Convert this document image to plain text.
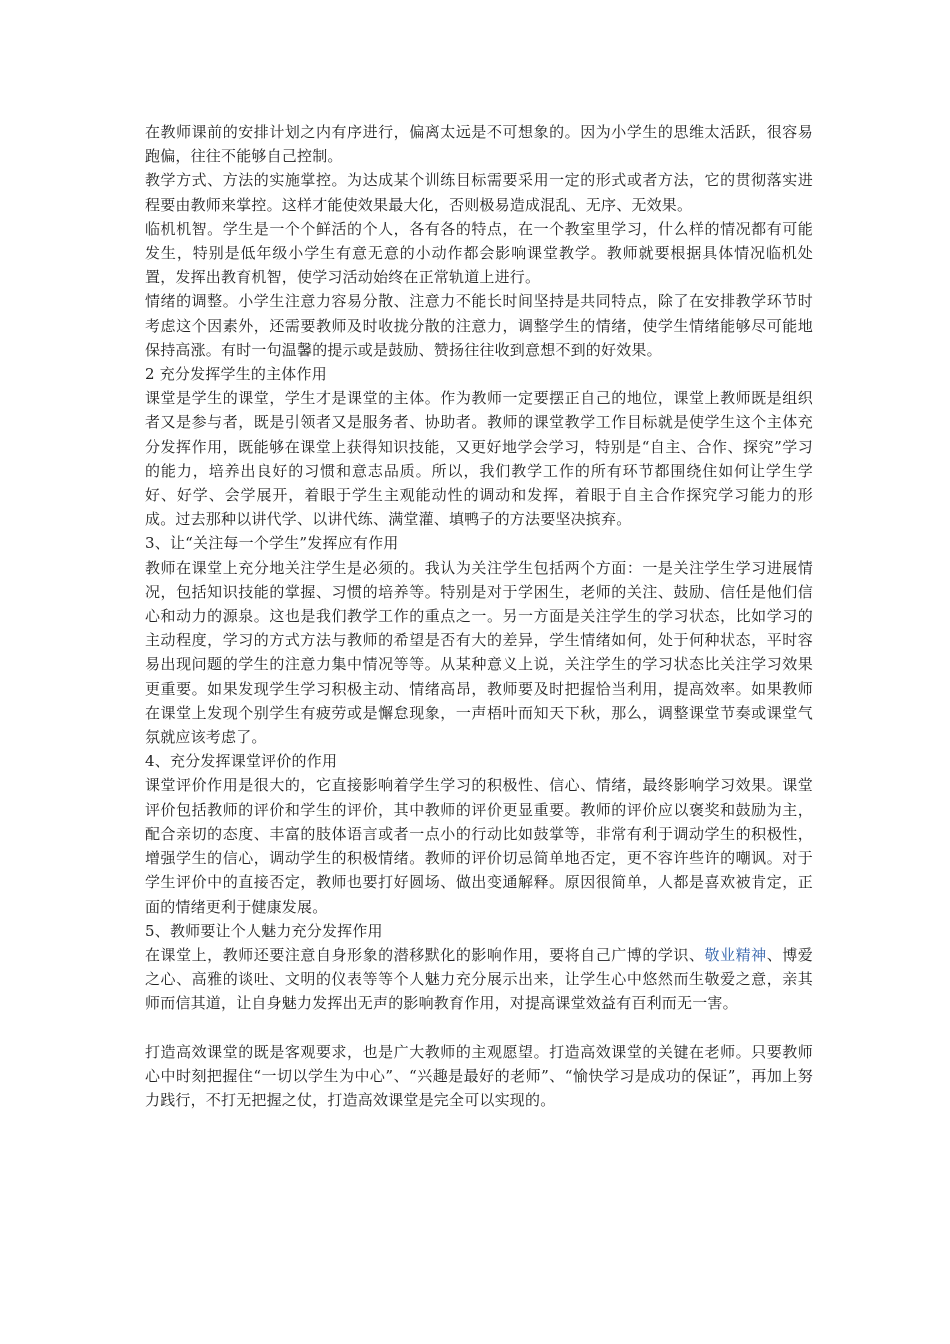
在教师课前的安排计划之内有序进行，偏离太远是不可想象的。因为小学生的思维太活跃，很容易跑偏，往往不能够自己控制。

教学方式、方法的实施掌控。为达成某个训练目标需要采用一定的形式或者方法，它的贯彻落实进程要由教师来掌控。这样才能使效果最大化，否则极易造成混乱、无序、无效果。

临机机智。学生是一个个鲜活的个人，各有各的特点，在一个教室里学习，什么样的情况都有可能发生，特别是低年级小学生有意无意的小动作都会影响课堂教学。教师就要根据具体情况临机处置，发挥出教育机智，使学习活动始终在正常轨道上进行。

情绪的调整。小学生注意力容易分散、注意力不能长时间坚持是共同特点，除了在安排教学环节时考虑这个因素外，还需要教师及时收拢分散的注意力，调整学生的情绪，使学生情绪能够尽可能地保持高涨。有时一句温馨的提示或是鼓励、赞扬往往收到意想不到的好效果。

2 充分发挥学生的主体作用

课堂是学生的课堂，学生才是课堂的主体。作为教师一定要摆正自己的地位，课堂上教师既是组织者又是参与者，既是引领者又是服务者、协助者。教师的课堂教学工作目标就是使学生这个主体充分发挥作用，既能够在课堂上获得知识技能，又更好地学会学习，特别是“自主、合作、探究”学习的能力，培养出良好的习惯和意志品质。所以，我们教学工作的所有环节都围绕住如何让学生学好、好学、会学展开，着眼于学生主观能动性的调动和发挥，着眼于自主合作探究学习能力的形成。过去那种以讲代学、以讲代练、满堂灌、填鸭子的方法要坚决摈弃。

3、让“关注每一个学生”发挥应有作用

教师在课堂上充分地关注学生是必须的。我认为关注学生包括两个方面：一是关注学生学习进展情况，包括知识技能的掌握、习惯的培养等。特别是对于学困生，老师的关注、鼓励、信任是他们信心和动力的源泉。这也是我们教学工作的重点之一。另一方面是关注学生的学习状态，比如学习的主动程度，学习的方式方法与教师的希望是否有大的差异，学生情绪如何，处于何种状态，平时容易出现问题的学生的注意力集中情况等等。从某种意义上说，关注学生的学习状态比关注学习效果更重要。如果发现学生学习积极主动、情绪高昂，教师要及时把握恰当利用，提高效率。如果教师在课堂上发现个别学生有疲劳或是懈怠现象，一声梧叶而知天下秋，那么，调整课堂节奏或课堂气氛就应该考虑了。

4、充分发挥课堂评价的作用

课堂评价作用是很大的，它直接影响着学生学习的积极性、信心、情绪，最终影响学习效果。课堂评价包括教师的评价和学生的评价，其中教师的评价更显重要。教师的评价应以褒奖和鼓励为主，配合亲切的态度、丰富的肢体语言或者一点小的行动比如鼓掌等，非常有利于调动学生的积极性，增强学生的信心，调动学生的积极情绪。教师的评价切忌简单地否定，更不容许些许的嘲讽。对于学生评价中的直接否定，教师也要打好圆场、做出变通解释。原因很简单，人都是喜欢被肯定，正面的情绪更利于健康发展。

5、教师要让个人魅力充分发挥作用

在课堂上，教师还要注意自身形象的潜移默化的影响作用，要将自己广博的学识、敬业精神、博爱之心、高雅的谈吐、文明的仪表等等个人魅力充分展示出来，让学生心中悠然而生敬爱之意，亲其师而信其道，让自身魅力发挥出无声的影响教育作用，对提高课堂效益有百利而无一害。

打造高效课堂的既是客观要求，也是广大教师的主观愿望。打造高效课堂的关键在老师。只要教师心中时刻把握住“一切以学生为中心”、“兴趣是最好的老师”、“愉快学习是成功的保证”，再加上努力践行，不打无把握之仗，打造高效课堂是完全可以实现的。
